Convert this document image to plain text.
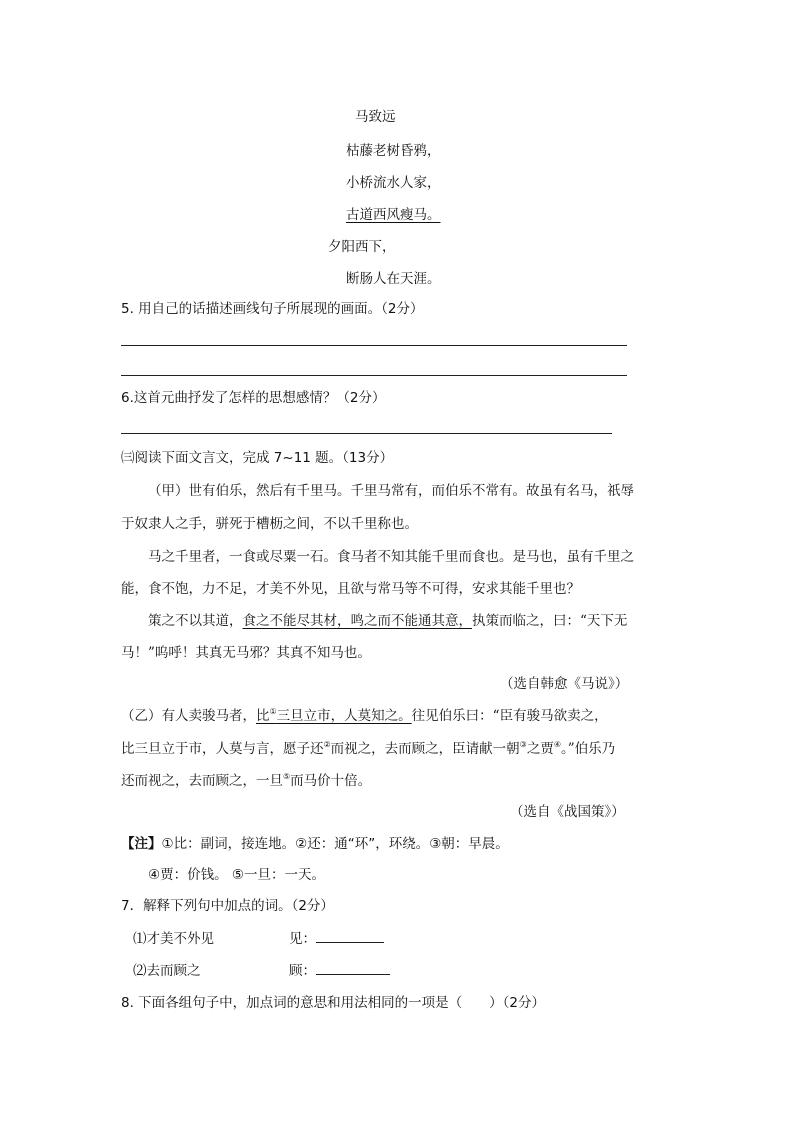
马致远
枯藤老树昏鸦，
小桥流水人家，
古道西风瘦马。
夕阳西下，
断肠人在天涯。
5. 用自己的话描述画线句子所展现的画面。（2分）
6.这首元曲抒发了怎样的思想感情？（2分）
㈢阅读下面文言文，完成 7~11 题。（13分）
（甲）世有伯乐，然后有千里马。千里马常有，而伯乐不常有。故虽有名马，祇辱
于奴隶人之手，骈死于槽枥之间，不以千里称也。
马之千里者，一食或尽粟一石。食马者不知其能千里而食也。是马也，虽有千里之
能，食不饱，力不足，才美不外见，且欲与常马等不可得，安求其能千里也？
策之不以其道，食之不能尽其材，鸣之而不能通其意，执策而临之，曰：“天下无
马！”呜呼！其真无马邪？其真不知马也。
（选自韩愈《马说》）
（乙）有人卖骏马者，比①三旦立市，人莫知之。往见伯乐曰：“臣有骏马欲卖之，
比三旦立于市，人莫与言，愿子还②而视之，去而顾之，臣请献一朝③之贾④。”伯乐乃
还而视之，去而顾之，一旦⑤而马价十倍。
（选自《战国策》）
【注】①比：副词，接连地。②还：通“环”，环绕。③朝：早晨。
④贾：价钱。 ⑤一旦：一天。
7．解释下列句中加点的词。（2分）
⑴才美不外见	见：
⑵去而顾之	顾：
8. 下面各组句子中，加点词的意思和用法相同的一项是（　　）（2分）
